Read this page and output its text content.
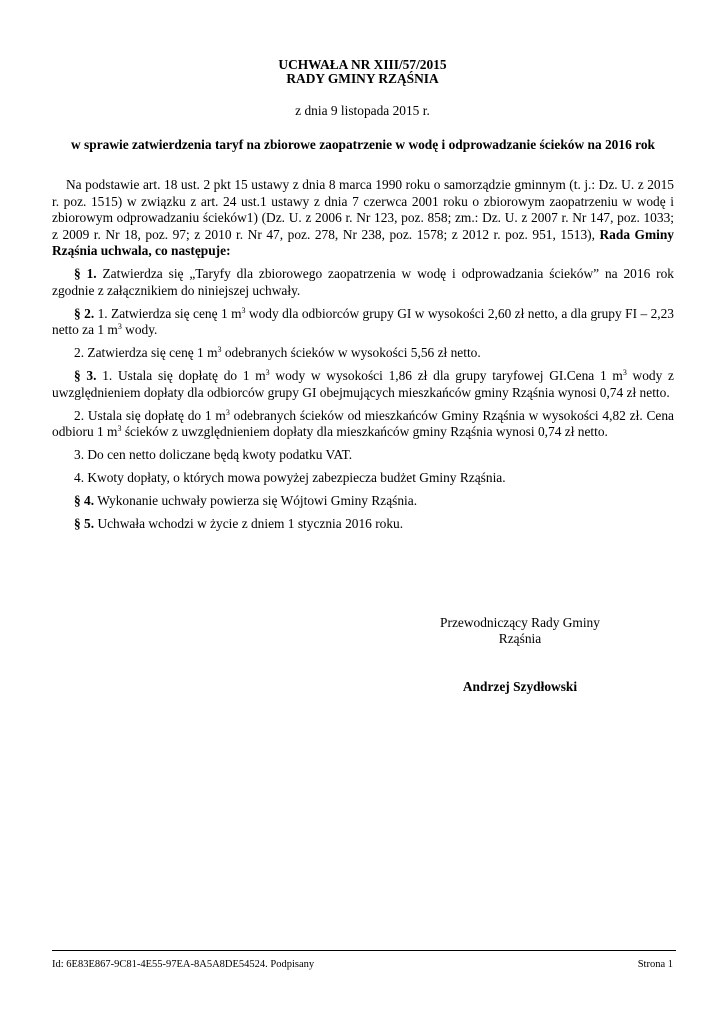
UCHWAŁA NR XIII/57/2015
RADY GMINY RZĄŚNIA
z dnia 9 listopada 2015 r.
w sprawie zatwierdzenia taryf na zbiorowe zaopatrzenie w wodę i odprowadzanie ścieków na 2016 rok

Na podstawie art. 18 ust. 2 pkt 15 ustawy z dnia 8 marca 1990 roku o samorządzie gminnym (t. j.: Dz. U. z 2015 r. poz. 1515) w związku z art. 24 ust.1 ustawy z dnia 7 czerwca 2001 roku o zbiorowym zaopatrzeniu w wodę i zbiorowym odprowadzaniu ścieków1) (Dz. U. z 2006 r. Nr 123, poz. 858; zm.: Dz. U. z 2007 r. Nr 147, poz. 1033; z 2009 r. Nr 18, poz. 97; z 2010 r. Nr 47, poz. 278, Nr 238, poz. 1578; z 2012 r. poz. 951, 1513), Rada Gminy Rząśnia uchwala, co następuje:

§ 1. Zatwierdza się „Taryfy dla zbiorowego zaopatrzenia w wodę i odprowadzania ścieków” na 2016 rok zgodnie z załącznikiem do niniejszej uchwały.

§ 2. 1. Zatwierdza się cenę 1 $m^3$ wody dla odbiorców grupy GI w wysokości 2,60 zł netto, a dla grupy FI – 2,23 netto za 1 $m^3$ wody.

2. Zatwierdza się cenę 1 $m^3$ odebranych ścieków w wysokości 5,56 zł netto.

§ 3. 1. Ustala się dopłatę do 1 $m^3$ wody w wysokości 1,86 zł dla grupy taryfowej GI.Cena 1 $m^3$ wody z uwzględnieniem dopłaty dla odbiorców grupy GI obejmujących mieszkańców gminy Rząśnia wynosi 0,74 zł netto.

2. Ustala się dopłatę do 1 $m^3$ odebranych ścieków od mieszkańców Gminy Rząśnia w wysokości 4,82 zł. Cena odbioru 1 $m^3$ ścieków z uwzględnieniem dopłaty dla mieszkańców gminy Rząśnia wynosi 0,74 zł netto.

3. Do cen netto doliczane będą kwoty podatku VAT.

4. Kwoty dopłaty, o których mowa powyżej zabezpiecza budżet Gminy Rząśnia.

§ 4. Wykonanie uchwały powierza się Wójtowi Gminy Rząśnia.

§ 5. Uchwała wchodzi w życie z dniem 1 stycznia 2016 roku.

Przewodniczący Rady Gminy
Rząśnia
Andrzej Szydłowski
Id: 6E83E867-9C81-4E55-97EA-8A5A8DE54524. Podpisany	Strona 1
